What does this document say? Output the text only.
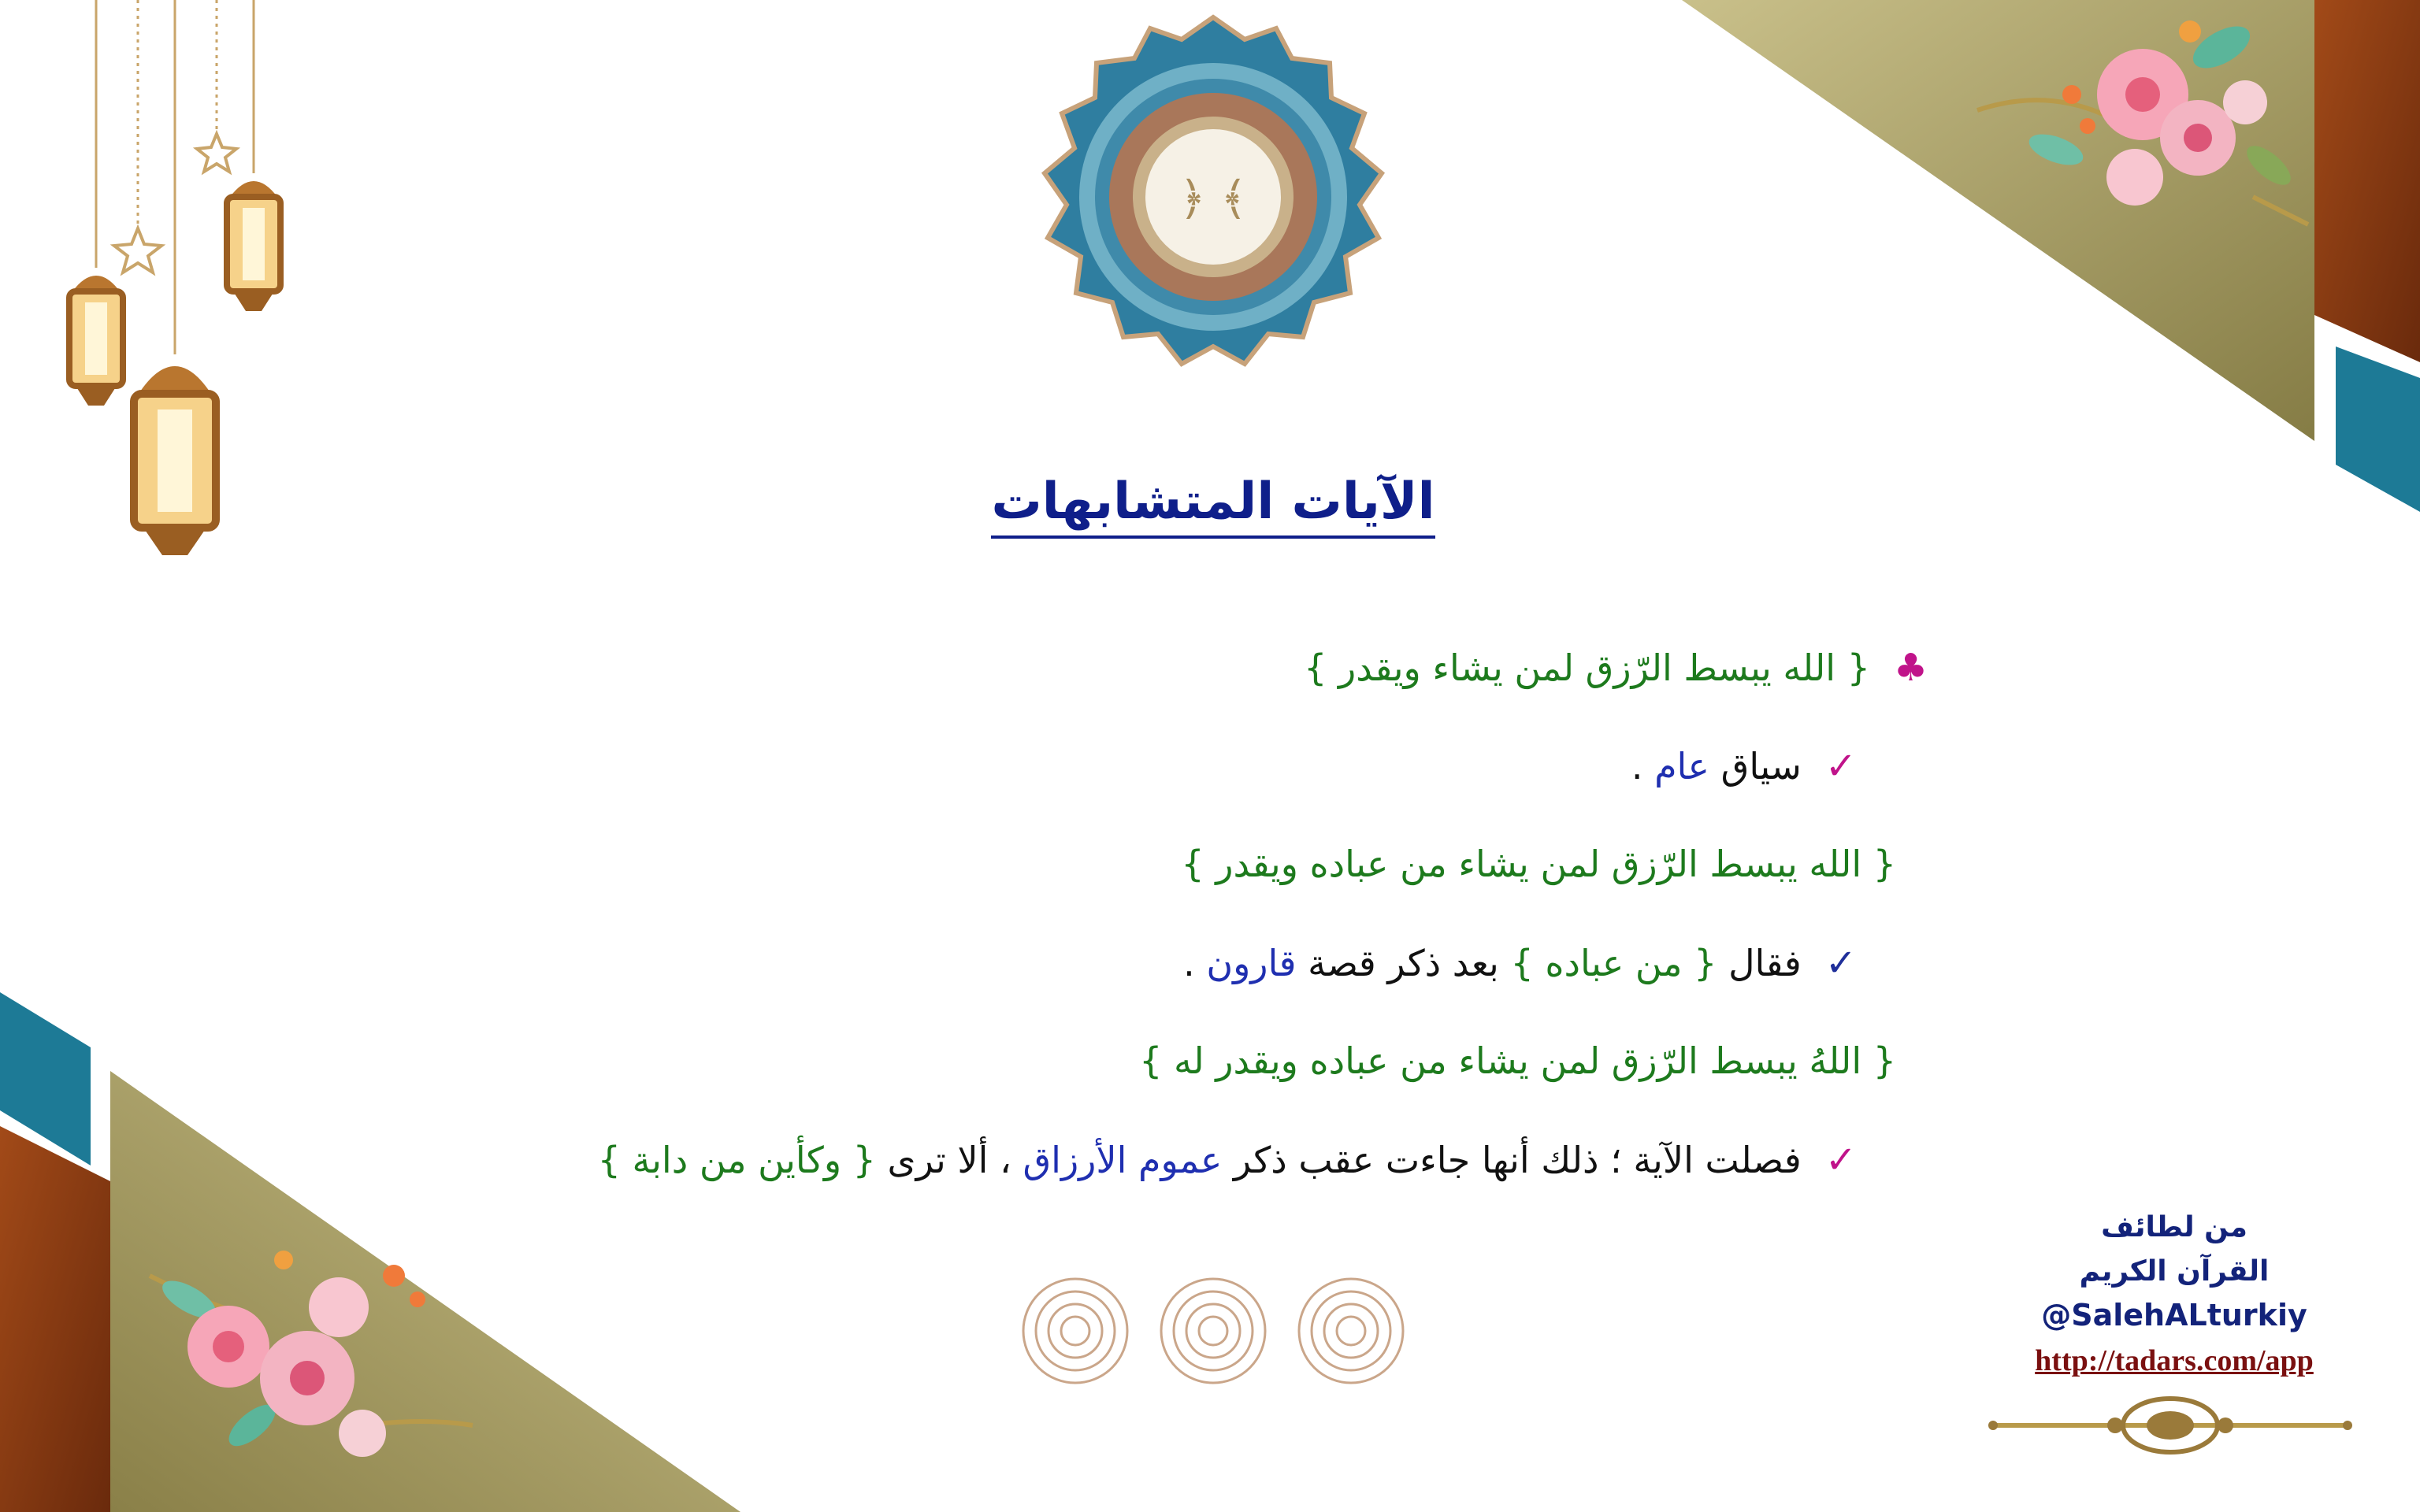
﴿ ﴾
الآيات المتشابهات
♣{ الله يبسط الرّزق لمن يشاء ويقدر }
✓سياق عام .
{ الله يبسط الرّزق لمن يشاء من عباده ويقدر }
✓فقال { من عباده } بعد ذكر قصة قارون .
{ اللهُ يبسط الرّزق لمن يشاء من عباده ويقدر له }
✓فصلت الآية ؛ ذلك أنها جاءت عقب ذكر عموم الأرزاق ، ألا ترى { وكأين من دابة }
من لطائف
القرآن الكريم
@SalehALturkiy
http://tadars.com/app
